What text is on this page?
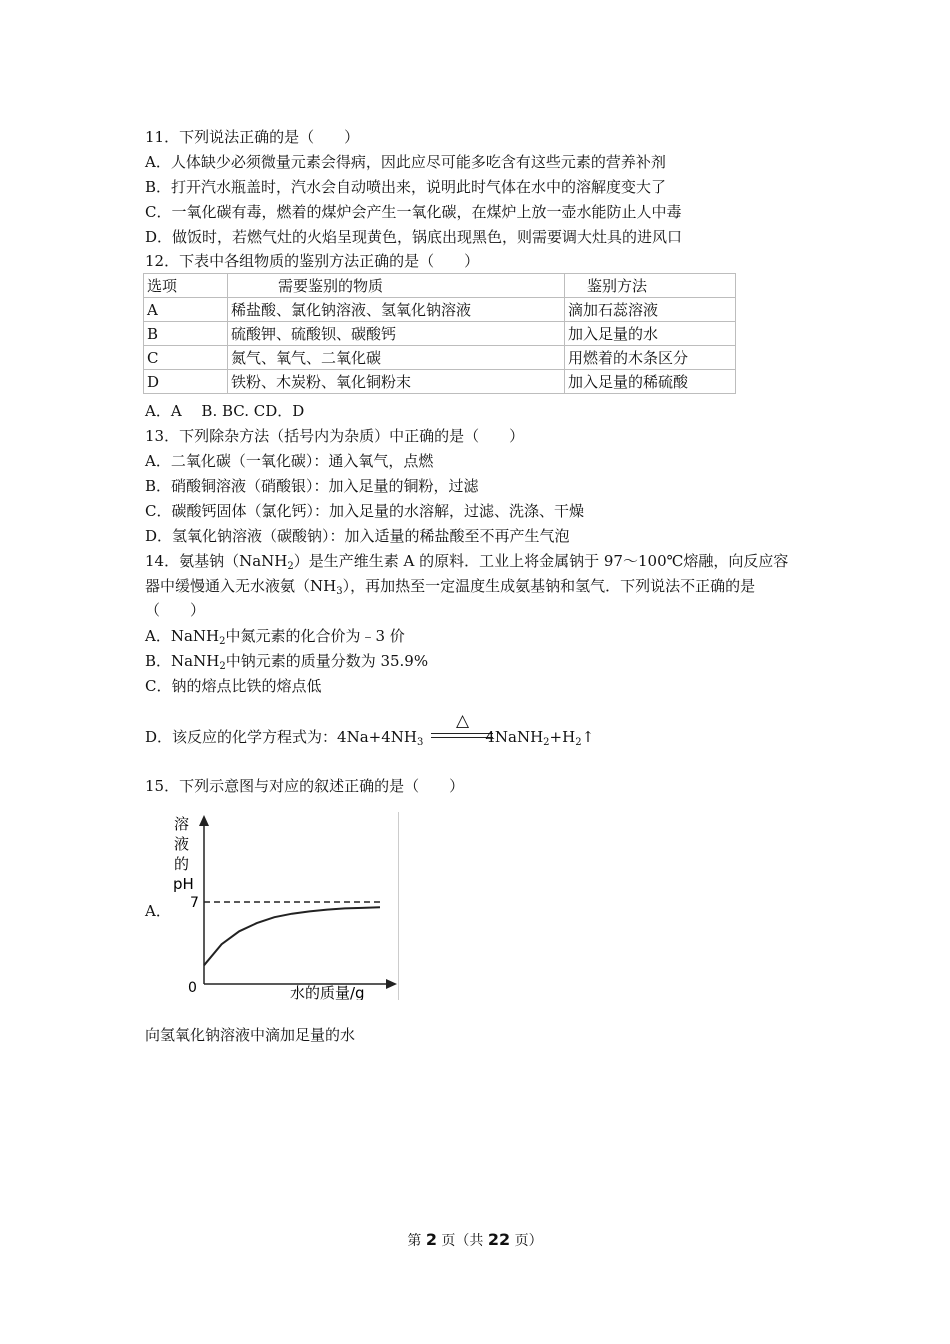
11．下列说法正确的是（　　）
A．人体缺少必须微量元素会得病，因此应尽可能多吃含有这些元素的营养补剂
B．打开汽水瓶盖时，汽水会自动喷出来，说明此时气体在水中的溶解度变大了
C．一氧化碳有毒，燃着的煤炉会产生一氧化碳，在煤炉上放一壶水能防止人中毒
D．做饭时，若燃气灶的火焰呈现黄色，锅底出现黑色，则需要调大灶具的进风口
12．下表中各组物质的鉴别方法正确的是（　　）
选项	需要鉴别的物质	鉴别方法
A	稀盐酸、氯化钠溶液、氢氧化钠溶液	滴加石蕊溶液
B	硫酸钾、硫酸钡、碳酸钙	加入足量的水
C	氮气、氧气、二氧化碳	用燃着的木条区分
D	铁粉、木炭粉、氧化铜粉末	加入足量的稀硫酸
A．A　 B. BC. CD．D
13．下列除杂方法（括号内为杂质）中正确的是（　　）
A．二氧化碳（一氧化碳）：通入氧气，点燃
B．硝酸铜溶液（硝酸银）：加入足量的铜粉，过滤
C．碳酸钙固体（氯化钙）：加入足量的水溶解，过滤、洗涤、干燥
D．氢氧化钠溶液（碳酸钠）：加入适量的稀盐酸至不再产生气泡
14．氨基钠（NaNH$_2$）是生产维生素 A 的原料．工业上将金属钠于 97～100℃熔融，向反应容
器中缓慢通入无水液氨$(NH_3)$，再加热至一定温度生成氨基钠和氢气．下列说法不正确的是
（　　）
A．NaNH$_2$中氮元素的化合价为﹣3 价
B．NaNH$_2$中钠元素的质量分数为 35.9%
C．钠的熔点比铁的熔点低
△
D．该反应的化学方程式为：$4Na+4NH_3$	$4NaNH_2+H_2↑$
15．下列示意图与对应的叙述正确的是（　　）
A．
溶
液
的
pH
7
0	水的质量/g
向氢氧化钠溶液中滴加足量的水
第 2 页（共 22 页）
